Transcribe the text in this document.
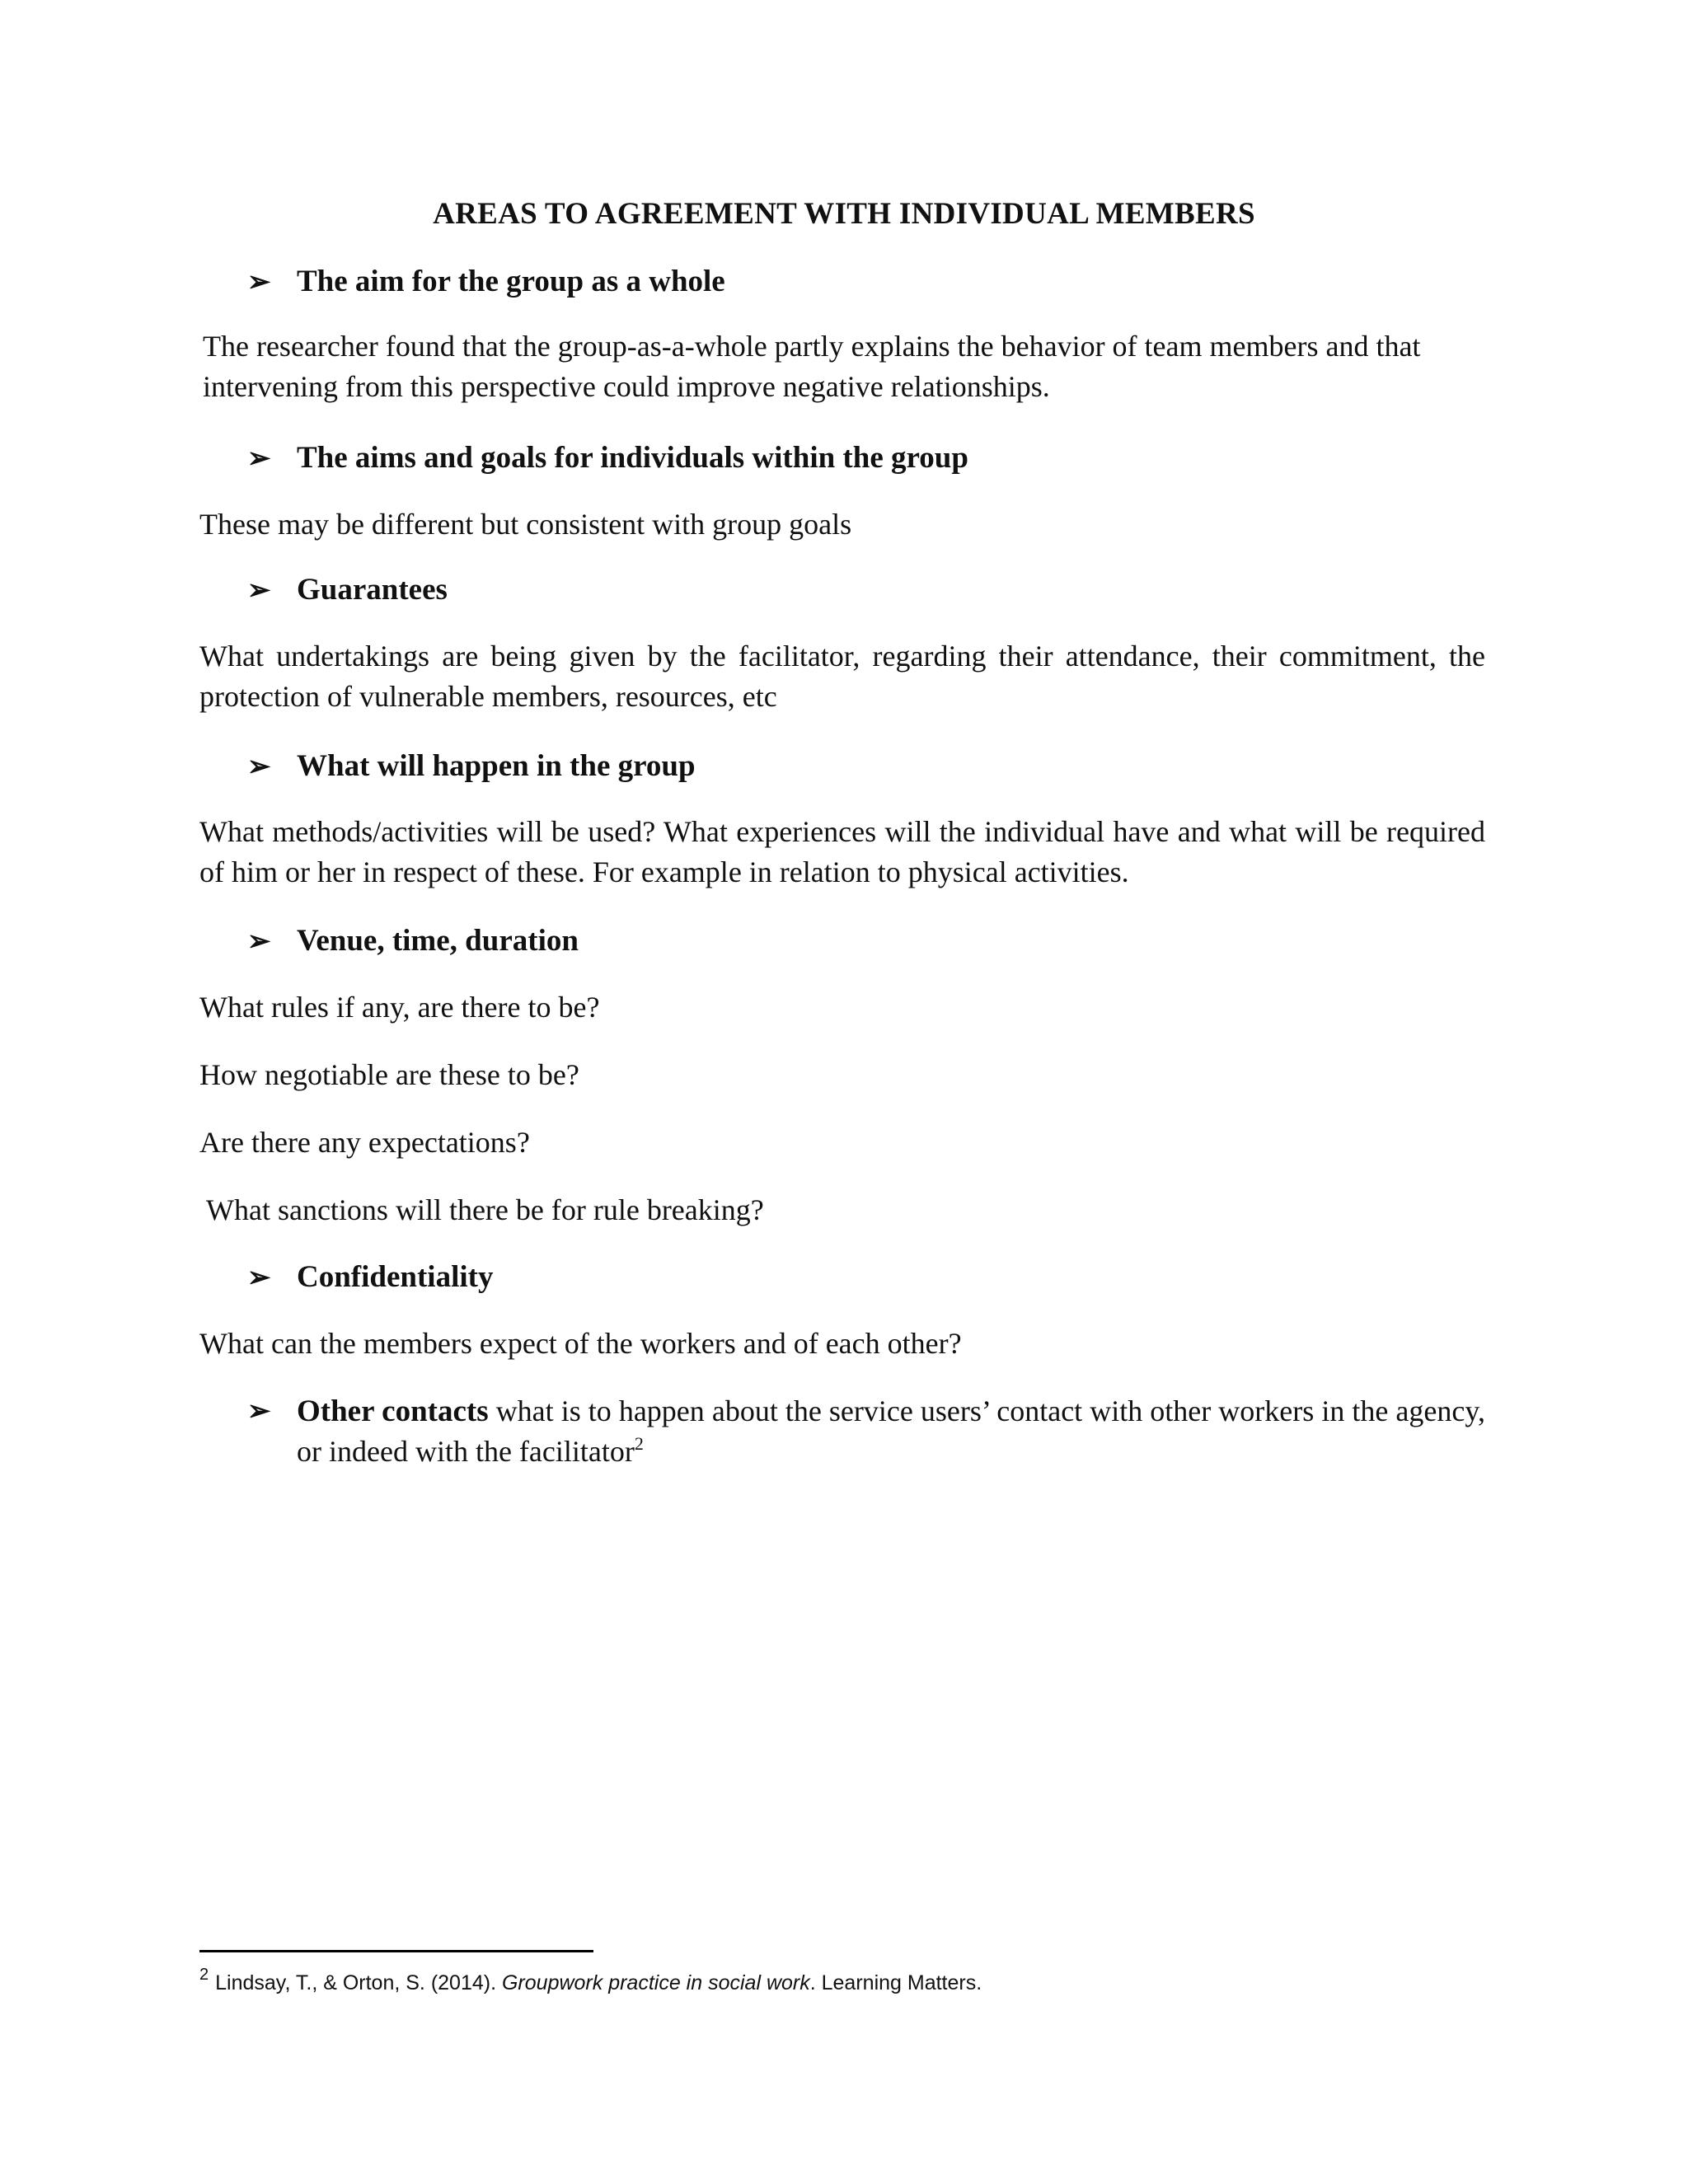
AREAS TO AGREEMENT WITH INDIVIDUAL MEMBERS
➢ The aim for the group as a whole
The researcher found that the group-as-a-whole partly explains the behavior of team members and that intervening from this perspective could improve negative relationships.
➢ The aims and goals for individuals within the group
These may be different but consistent with group goals
➢ Guarantees
What undertakings are being given by the facilitator, regarding their attendance, their commitment, the protection of vulnerable members, resources, etc
➢ What will happen in the group
What methods/activities will be used? What experiences will the individual have and what will be required of him or her in respect of these. For example in relation to physical activities.
➢ Venue, time, duration
What rules if any, are there to be?
How negotiable are these to be?
Are there any expectations?
What sanctions will there be for rule breaking?
➢ Confidentiality
What can the members expect of the workers and of each other?
➢ Other contacts what is to happen about the service users’ contact with other workers in the agency, or indeed with the facilitator$^2$
$^2$ Lindsay, T., & Orton, S. (2014). Groupwork practice in social work. Learning Matters.
